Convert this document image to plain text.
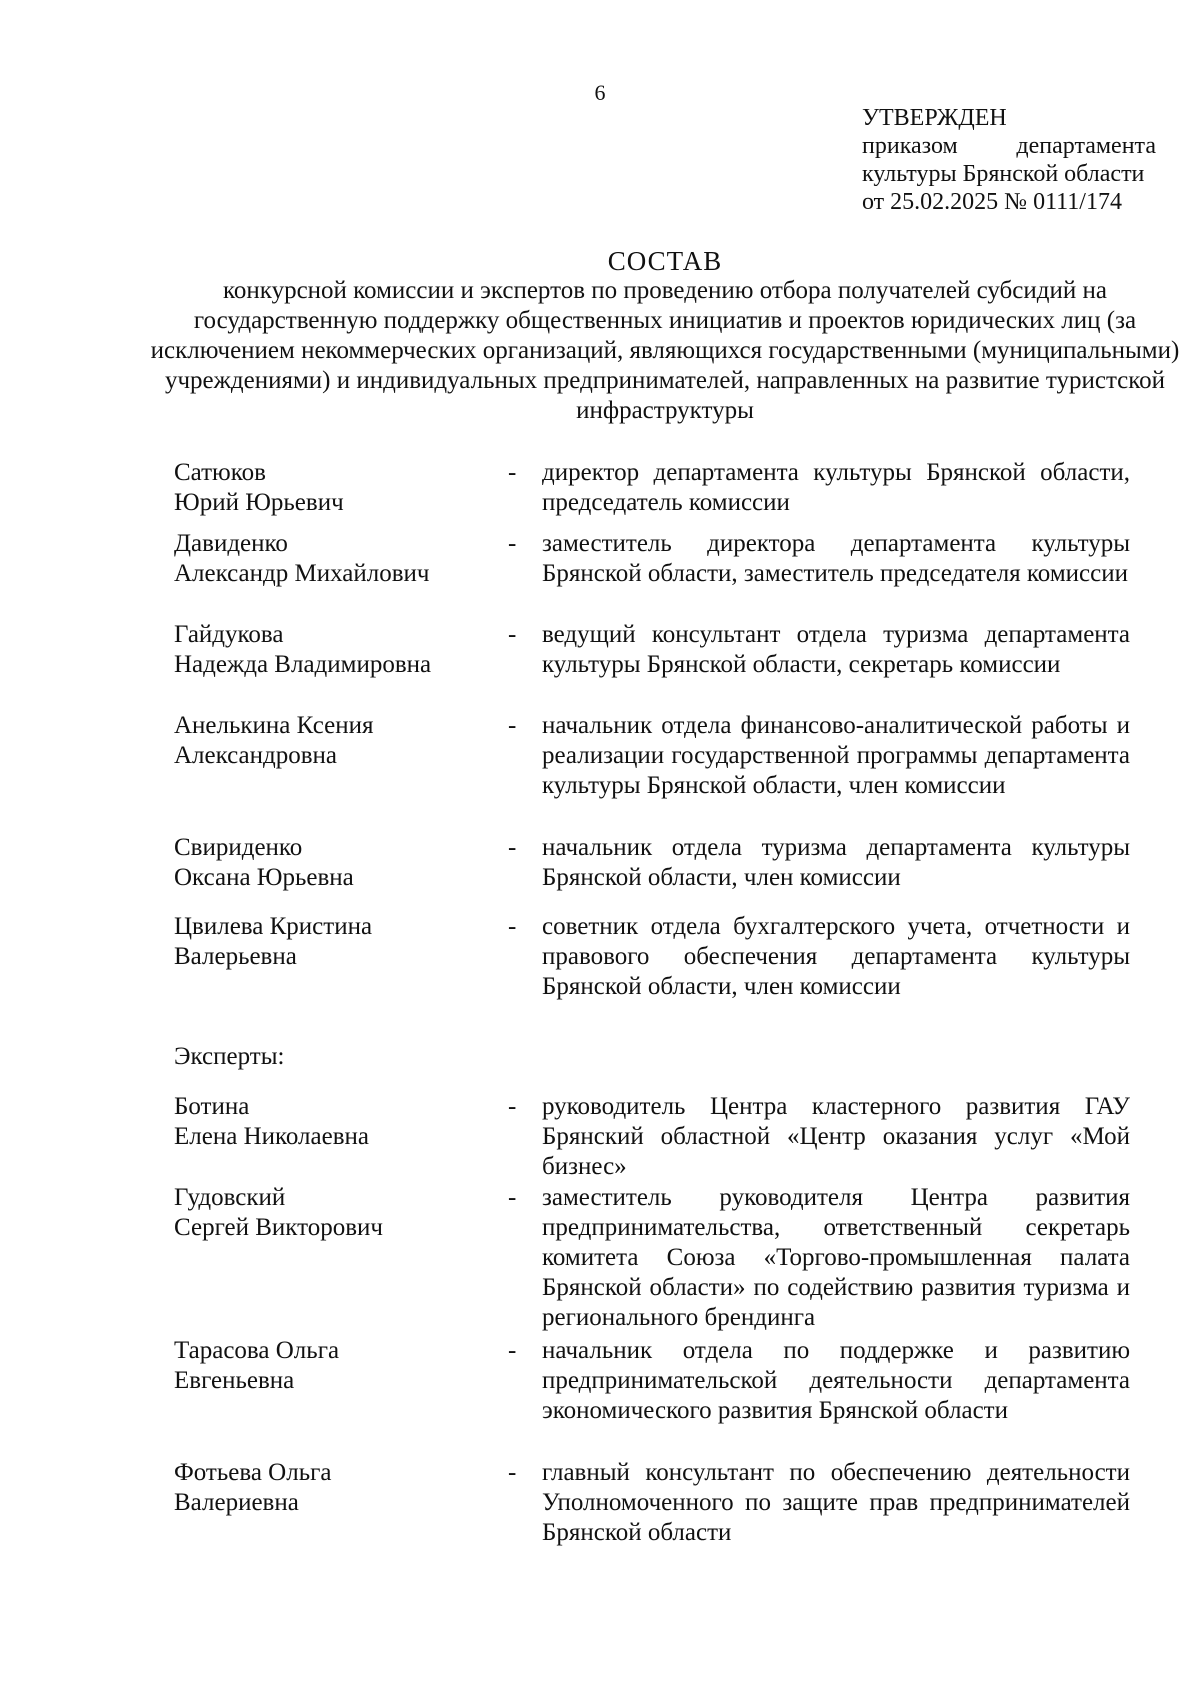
6
УТВЕРЖДЕН
приказом департамента
культуры Брянской области
от 25.02.2025 № 0111/174
СОСТАВ
конкурсной комиссии и экспертов по проведению отбора получателей субсидий на государственную поддержку общественных инициатив и проектов юридических лиц (за исключением некоммерческих организаций, являющихся государственными (муниципальными) учреждениями) и индивидуальных предпринимателей, направленных на развитие туристской инфраструктуры
Сатюков
Юрий Юрьевич
-	директор департамента культуры Брянской области, председатель комиссии
Давиденко
Александр Михайлович
-	заместитель директора департамента культуры Брянской области, заместитель председателя комиссии
Гайдукова
Надежда Владимировна
-	ведущий консультант отдела туризма департамента культуры Брянской области, секретарь комиссии
Анелькина Ксения
Александровна
-	начальник отдела финансово-аналитической работы и реализации государственной программы департамента культуры Брянской области, член комиссии
Свириденко
Оксана Юрьевна
-	начальник отдела туризма департамента культуры Брянской области, член комиссии
Цвилева Кристина
Валерьевна
-	советник отдела бухгалтерского учета, отчетности и правового обеспечения департамента культуры Брянской области, член комиссии
Эксперты:
Ботина
Елена Николаевна
-	руководитель Центра кластерного развития ГАУ Брянский областной «Центр оказания услуг «Мой бизнес»
Гудовский
Сергей Викторович
-	заместитель руководителя Центра развития предпринимательства, ответственный секретарь комитета Союза «Торгово-промышленная палата Брянской области» по содействию развития туризма и регионального брендинга
Тарасова Ольга
Евгеньевна
-	начальник отдела по поддержке и развитию предпринимательской деятельности департамента экономического развития Брянской области
Фотьева Ольга
Валериевна
-	главный консультант по обеспечению деятельности Уполномоченного по защите прав предпринимателей Брянской области
